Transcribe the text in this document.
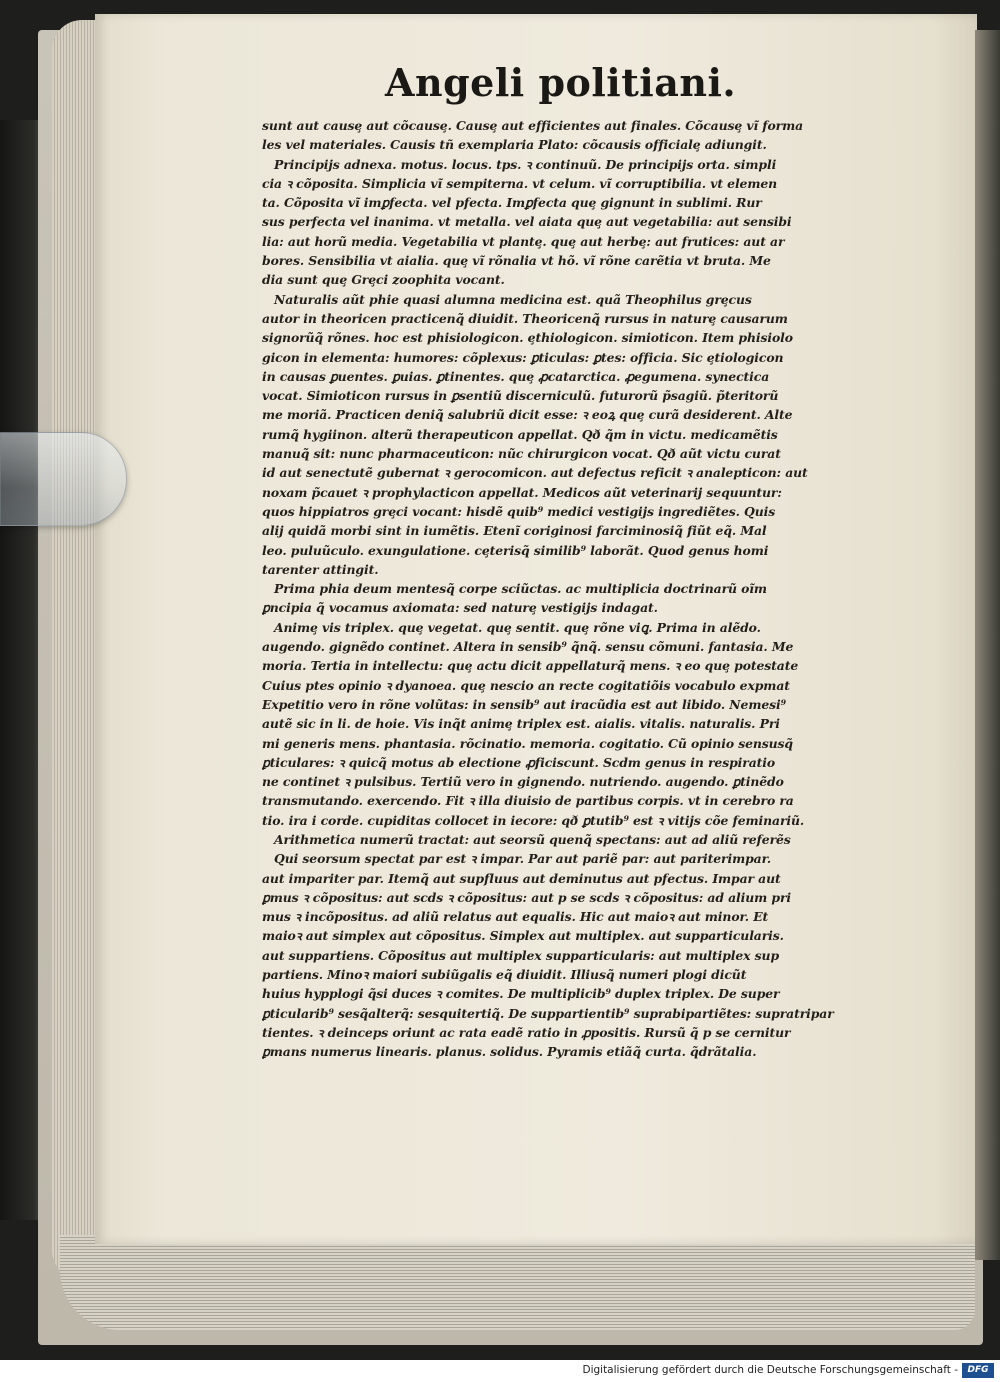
Angeli politiani.
sunt aut causȩ aut cõcausȩ. Causȩ aut efficientes aut finales. Cõcausȩ vĩ forma
les vel materiales. Causis tñ exemplaria Plato: cõcausis officialȩ adiungit.
Principijs adnexa. motus. locus. tps. ꝛ continuũ. De principijs orta. simpli
cia ꝛ cõposita. Simplicia vĩ sempiterna. vt celum. vĩ corruptibilia. vt elemen
ta. Cõposita vĩ imꝑfecta. vel pfecta. Imꝑfecta quȩ gignunt in sublimi. Rur
sus perfecta vel inanima. vt metalla. vel aiata quȩ aut vegetabilia: aut sensibi
lia: aut horũ media. Vegetabilia vt plantȩ. quȩ aut herbȩ: aut frutices: aut ar
bores. Sensibilia vt aialia. quȩ vĩ rõnalia vt hõ. vĩ rõne carẽtia vt bruta. Me
dia sunt quȩ Grȩci zoophita vocant.
Naturalis aũt phie quasi alumna medicina est. quã Theophilus grȩcus
autor in theoricen practicenq̃ diuidit. Theoricenq̃ rursus in naturȩ causarum
signorũq̃ rõnes. hoc est phisiologicon. ȩthiologicon. simioticon. Item phisiolo
gicon in elementa: humores: cõplexus: ꝑticulas: ꝑtes: officia. Sic ȩtiologicon
in causas ꝑuentes. ꝑuias. ꝑtinentes. quȩ ꝓcatarctica. ꝓegumena. synectica
vocat. Simioticon rursus in ꝑsentiũ discerniculũ. futurorũ p̃sagiũ. p̃teritorũ
me moriã. Practicen deniq̃ salubriũ dicit esse: ꝛ eoꝝ quȩ curã desiderent. Alte
rumq̃ hygiinon. alterũ therapeuticon appellat. Qð q̃m in victu. medicamẽtis
manuq̃ sit: nunc pharmaceuticon: nũc chirurgicon vocat. Qð aũt victu curat
id aut senectutẽ gubernat ꝛ gerocomicon. aut defectus reficit ꝛ analepticon: aut
noxam p̃cauet ꝛ prophylacticon appellat. Medicos aũt veterinarij sequuntur:
quos hippiatros grȩci vocant: hisdẽ quib⁹ medici vestigijs ingrediẽtes. Quis
alij quidã morbi sint in iumẽtis. Etenĩ coriginosi farciminosiq̃ fiũt eq̃. Mal
leo. puluũculo. exungulatione. cȩterisq̃ similib⁹ laborãt. Quod genus homi
tarenter attingit.
Prima phia deum mentesq̃ corpe sciũctas. ac multiplicia doctrinarũ oĩm
ꝑncipia q̃ vocamus axiomata: sed naturȩ vestigijs indagat.
Animȩ vis triplex. quȩ vegetat. quȩ sentit. quȩ rõne viꝗ. Prima in alẽdo.
augendo. gignẽdo continet. Altera in sensib⁹ q̃nq̃. sensu cõmuni. fantasia. Me
moria. Tertia in intellectu: quȩ actu dicit appellaturq̃ mens. ꝛ eo quȩ potestate
Cuius ptes opinio ꝛ dyanoea. quȩ nescio an recte cogitatiõis vocabulo expmat
Expetitio vero in rõne volũtas: in sensib⁹ aut iracũdia est aut libido. Nemesi⁹
autẽ sic in li. de hoie. Vis inq̃t animȩ triplex est. aialis. vitalis. naturalis. Pri
mi generis mens. phantasia. rõcinatio. memoria. cogitatio. Cũ opinio sensusq̃
ꝑticulares: ꝛ quicq̃ motus ab electione ꝓficiscunt. Scdm genus in respiratio
ne continet ꝛ pulsibus. Tertiũ vero in gignendo. nutriendo. augendo. ꝑtinẽdo
transmutando. exercendo. Fit ꝛ illa diuisio de partibus corpis. vt in cerebro ra
tio. ira i corde. cupiditas collocet in iecore: qð ꝑtutib⁹ est ꝛ vitijs cõe feminariũ.
Arithmetica numerũ tractat: aut seorsũ quenq̃ spectans: aut ad aliũ referẽs
Qui seorsum spectat par est ꝛ impar. Par aut pariẽ par: aut pariterimpar.
aut impariter par. Itemq̃ aut supfluus aut deminutus aut pfectus. Impar aut
ꝑmus ꝛ cõpositus: aut scds ꝛ cõpositus: aut p se scds ꝛ cõpositus: ad alium pri
mus ꝛ incõpositus. ad aliũ relatus aut equalis. Hic aut maioꝛ aut minor. Et
maioꝛ aut simplex aut cõpositus. Simplex aut multiplex. aut supparticularis.
aut suppartiens. Cõpositus aut multiplex supparticularis: aut multiplex sup
partiens. Minoꝛ maiori subiũgalis eq̃ diuidit. Illiusq̃ numeri plogi dicũt
huius hypplogi q̃si duces ꝛ comites. De multiplicib⁹ duplex triplex. De super
ꝑticularib⁹ sesq̃alterq̃: sesquitertiq̃. De suppartientib⁹ suprabipartiẽtes: supratripar
tientes. ꝛ deinceps oriunt ac rata eadẽ ratio in ꝓpositis. Rursũ q̃ p se cernitur
ꝑmans numerus linearis. planus. solidus. Pyramis etiãq̃ curta. q̃drãtalia.
Digitalisierung gefördert durch die Deutsche Forschungsgemeinschaft -	DFG
